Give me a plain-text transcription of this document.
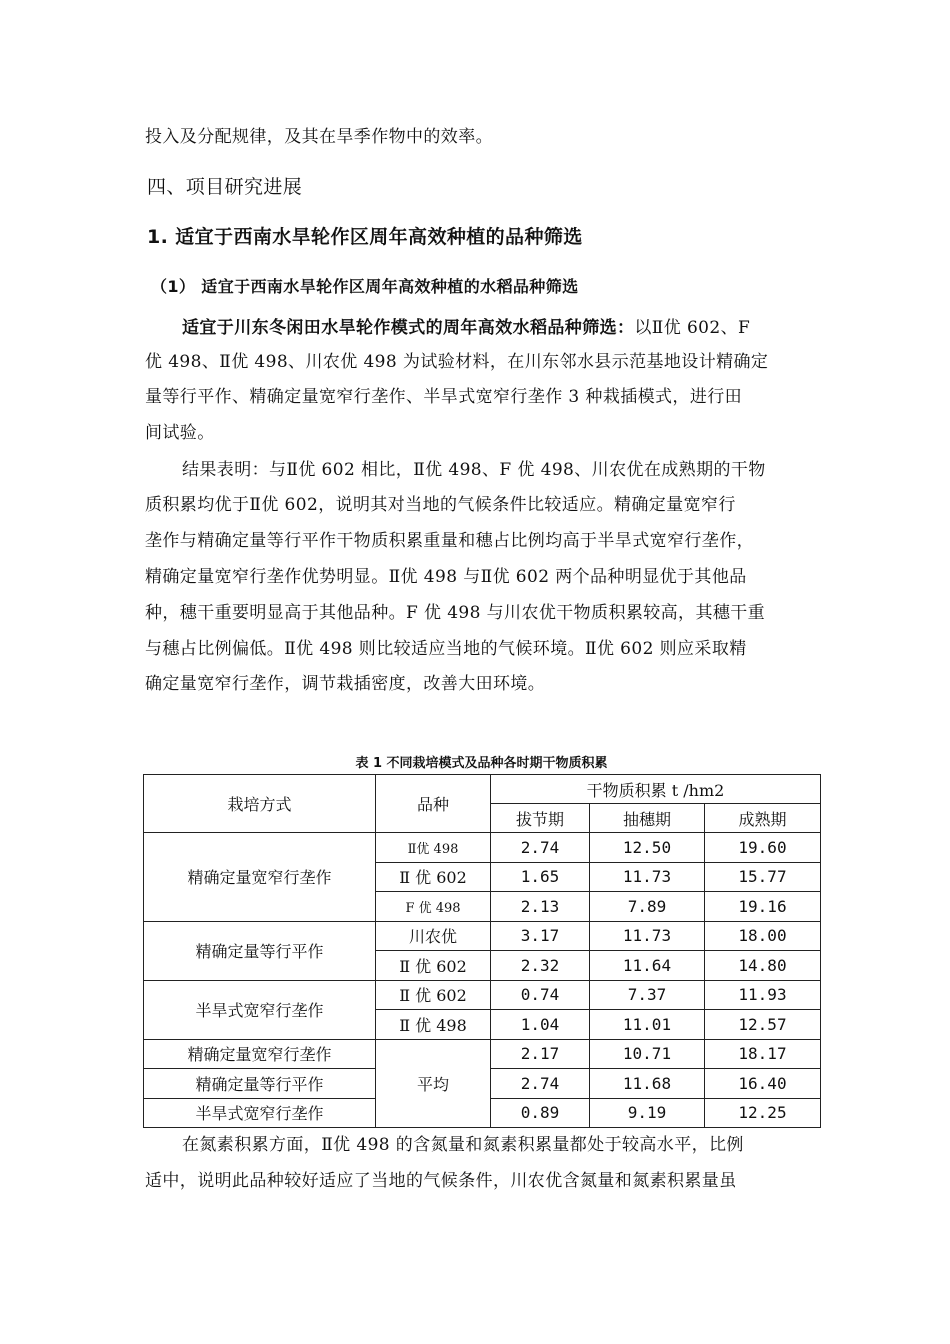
投入及分配规律，及其在旱季作物中的效率。
四、项目研究进展
1. 适宜于西南水旱轮作区周年高效种植的品种筛选
（1） 适宜于西南水旱轮作区周年高效种植的水稻品种筛选
适宜于川东冬闲田水旱轮作模式的周年高效水稻品种筛选：以Ⅱ优 602、F
优 498、Ⅱ优 498、川农优 498 为试验材料，在川东邻水县示范基地设计精确定
量等行平作、精确定量宽窄行垄作、半旱式宽窄行垄作 3 种栽插模式，进行田
间试验。
结果表明：与Ⅱ优 602 相比，Ⅱ优 498、F 优 498、川农优在成熟期的干物
质积累均优于Ⅱ优 602，说明其对当地的气候条件比较适应。精确定量宽窄行
垄作与精确定量等行平作干物质积累重量和穗占比例均高于半旱式宽窄行垄作，
精确定量宽窄行垄作优势明显。Ⅱ优 498 与Ⅱ优 602 两个品种明显优于其他品
种，穗干重要明显高于其他品种。F 优 498 与川农优干物质积累较高，其穗干重
与穗占比例偏低。Ⅱ优 498 则比较适应当地的气候环境。Ⅱ优 602 则应采取精
确定量宽窄行垄作，调节栽插密度，改善大田环境。
表 1 不同栽培模式及品种各时期干物质积累
栽培方式	品种	干物质积累 t /hm2		
		拔节期	抽穗期	成熟期
精确定量宽窄行垄作	Ⅱ优 498	2.74	12.50	19.60
	Ⅱ 优 602	1.65	11.73	15.77
	F 优 498	2.13	7.89	19.16
精确定量等行平作	川农优	3.17	11.73	18.00
	Ⅱ 优 602	2.32	11.64	14.80
半旱式宽窄行垄作	Ⅱ 优 602	0.74	7.37	11.93
	Ⅱ 优 498	1.04	11.01	12.57
精确定量宽窄行垄作	平均	2.17	10.71	18.17
精确定量等行平作		2.74	11.68	16.40
半旱式宽窄行垄作		0.89	9.19	12.25
在氮素积累方面，Ⅱ优 498 的含氮量和氮素积累量都处于较高水平，比例
适中，说明此品种较好适应了当地的气候条件，川农优含氮量和氮素积累量虽
